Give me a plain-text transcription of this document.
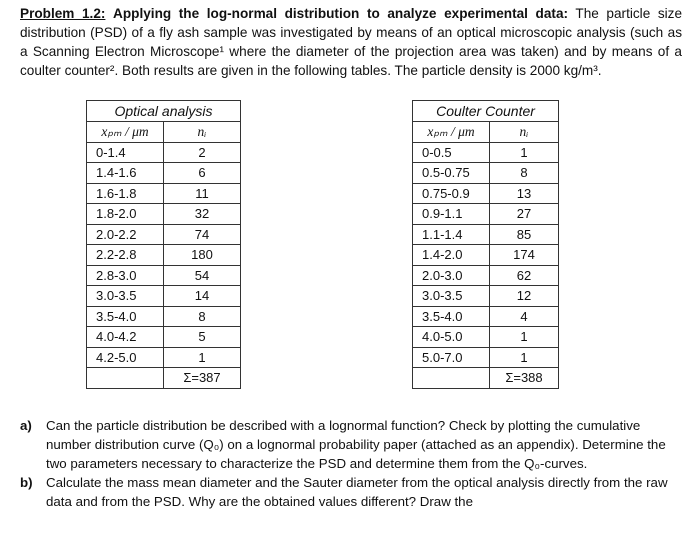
Problem 1.2: Applying the log-normal distribution to analyze experimental data: The particle size distribution (PSD) of a fly ash sample was investigated by means of an optical microscopic analysis (such as a Scanning Electron Microscope¹ where the diameter of the projection area was taken) and by means of a coulter counter². Both results are given in the following tables. The particle density is 2000 kg/m³.
Optical analysis	
xₚₘ / μm	nᵢ
0-1.4	2
1.4-1.6	6
1.6-1.8	11
1.8-2.0	32
2.0-2.2	74
2.2-2.8	180
2.8-3.0	54
3.0-3.5	14
3.5-4.0	8
4.0-4.2	5
4.2-5.0	1
	Σ=387
Coulter Counter	
xₚₘ / μm	nᵢ
0-0.5	1
0.5-0.75	8
0.75-0.9	13
0.9-1.1	27
1.1-1.4	85
1.4-2.0	174
2.0-3.0	62
3.0-3.5	12
3.5-4.0	4
4.0-5.0	1
5.0-7.0	1
	Σ=388
a)	Can the particle distribution be described with a lognormal function? Check by plotting the cumulative number distribution curve (Q₀) on a lognormal probability paper (attached as an appendix). Determine the two parameters necessary to characterize the PSD and determine them from the Q₀-curves.
b)	Calculate the mass mean diameter and the Sauter diameter from the optical analysis directly from the raw data and from the PSD. Why are the obtained values different? Draw the
